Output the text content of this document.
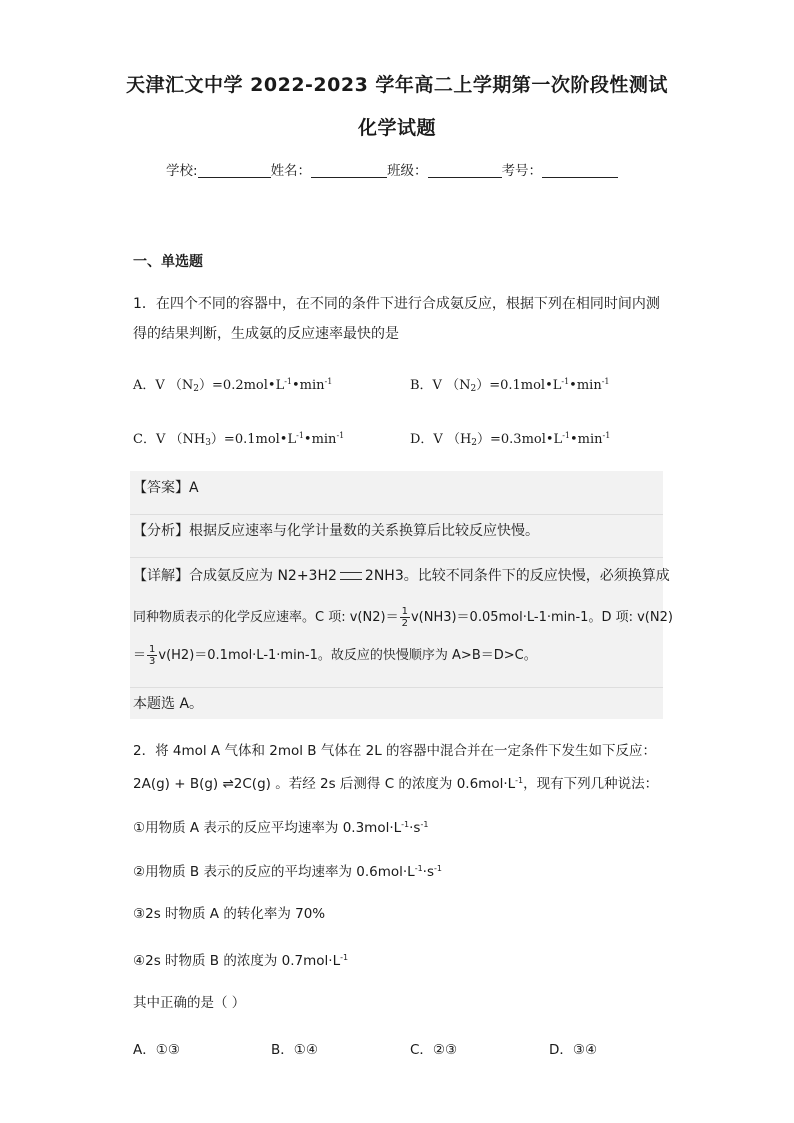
天津汇文中学 2022-2023 学年高二上学期第一次阶段性测试
化学试题
学校:	姓名：	班级：	考号：
一、单选题
1．在四个不同的容器中，在不同的条件下进行合成氨反应，根据下列在相同时间内测
得的结果判断，生成氨的反应速率最快的是
A．V $(N_2)=0.2mol•L^{-1}•\min^{-1}$	B．V $(N_2)=0.1mol•L^{-1}•\min^{-1}$
C．V $(NH_3)=0.1mol•L^{-1}•\min^{-1}$	D．V $(H_2)=0.3mol•L^{-1}•\min^{-1}$
【答案】A
【分析】根据反应速率与化学计量数的关系换算后比较反应快慢。
【详解】合成氨反应为 N2+3H2 2NH3。比较不同条件下的反应快慢，必须换算成
同种物质表示的化学反应速率。C 项: $v(N2)= \frac{1}{2} v(NH3)=0.05mol\cdot L-1\cdot\min-1$。D 项: v(N2)
＝ $\frac{1}{3} v(H2)=0.1mol\cdot L-1\cdot\min-1$。故反应的快慢顺序为 A>B＝D>C。
本题选 A。
2．将 4mol A 气体和 2mol B 气体在 2L 的容器中混合并在一定条件下发生如下反应：
2A(g) + B(g) ⇌2C(g) 。若经 2s 后测得 C 的浓度为 $0.6mol\cdot L^{-1}$，现有下列几种说法：
①用物质 A 表示的反应平均速率为 $0.3mol\cdot L^{-1}\cdot s^{-1}$
②用物质 B 表示的反应的平均速率为 $0.6mol\cdot L^{-1}\cdot s^{-1}$
③2s 时物质 A 的转化率为 70%
④2s 时物质 B 的浓度为 $0.7mol\cdot L^{-1}$
其中正确的是（ ）
A．①③	B．①④	C．②③	D．③④
